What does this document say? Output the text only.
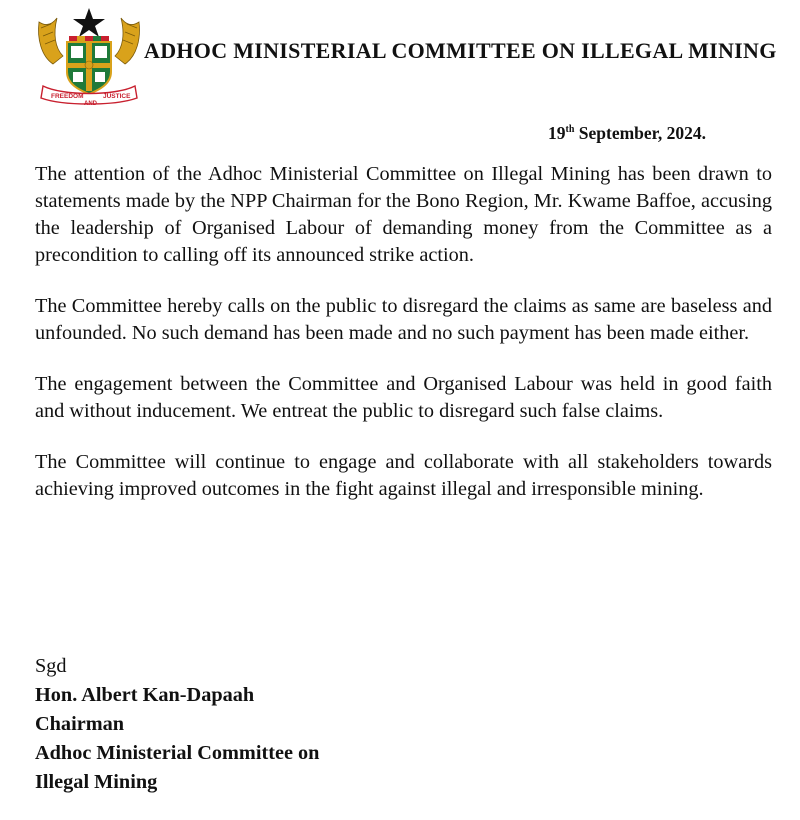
FREEDOM
AND
JUSTICE
ADHOC MINISTERIAL COMMITTEE ON ILLEGAL MINING
19th September, 2024.

The attention of the Adhoc Ministerial Committee on Illegal Mining has been drawn to statements made by the NPP Chairman for the Bono Region, Mr. Kwame Baffoe, accusing the leadership of Organised Labour of demanding money from the Committee as a precondition to calling off its announced strike action.

The Committee hereby calls on the public to disregard the claims as same are baseless and unfounded. No such demand has been made and no such payment has been made either.

The engagement between the Committee and Organised Labour was held in good faith and without inducement. We entreat the public to disregard such false claims.

The Committee will continue to engage and collaborate with all stakeholders towards achieving improved outcomes in the fight against illegal and irresponsible mining.

Sgd
Hon. Albert Kan-Dapaah
Chairman
Adhoc Ministerial Committee on
Illegal Mining
